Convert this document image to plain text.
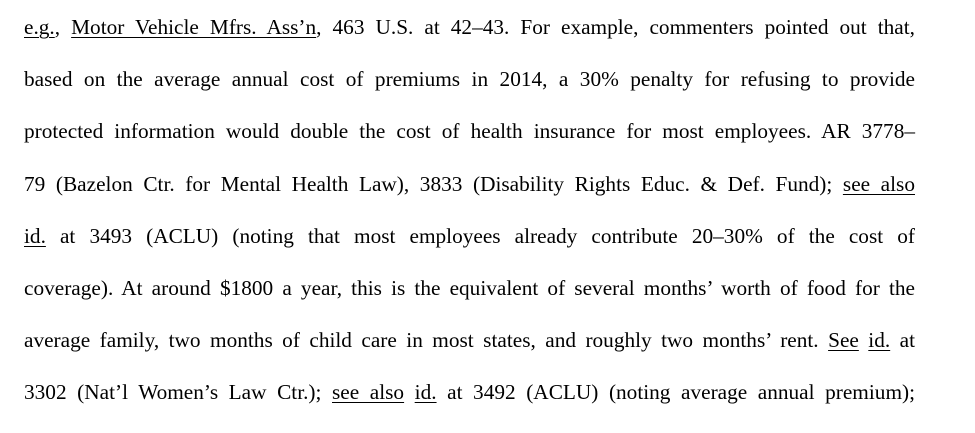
e.g., Motor Vehicle Mfrs. Ass’n, 463 U.S. at 42–43. For example, commenters pointed out that,
based on the average annual cost of premiums in 2014, a 30% penalty for refusing to provide
protected information would double the cost of health insurance for most employees. AR 3778–
79 (Bazelon Ctr. for Mental Health Law), 3833 (Disability Rights Educ. & Def. Fund); see also
id. at 3493 (ACLU) (noting that most employees already contribute 20–30% of the cost of
coverage). At around $1800 a year, this is the equivalent of several months’ worth of food for the
average family, two months of child care in most states, and roughly two months’ rent. See id. at
3302 (Nat’l Women’s Law Ctr.); see also id. at 3492 (ACLU) (noting average annual premium);
